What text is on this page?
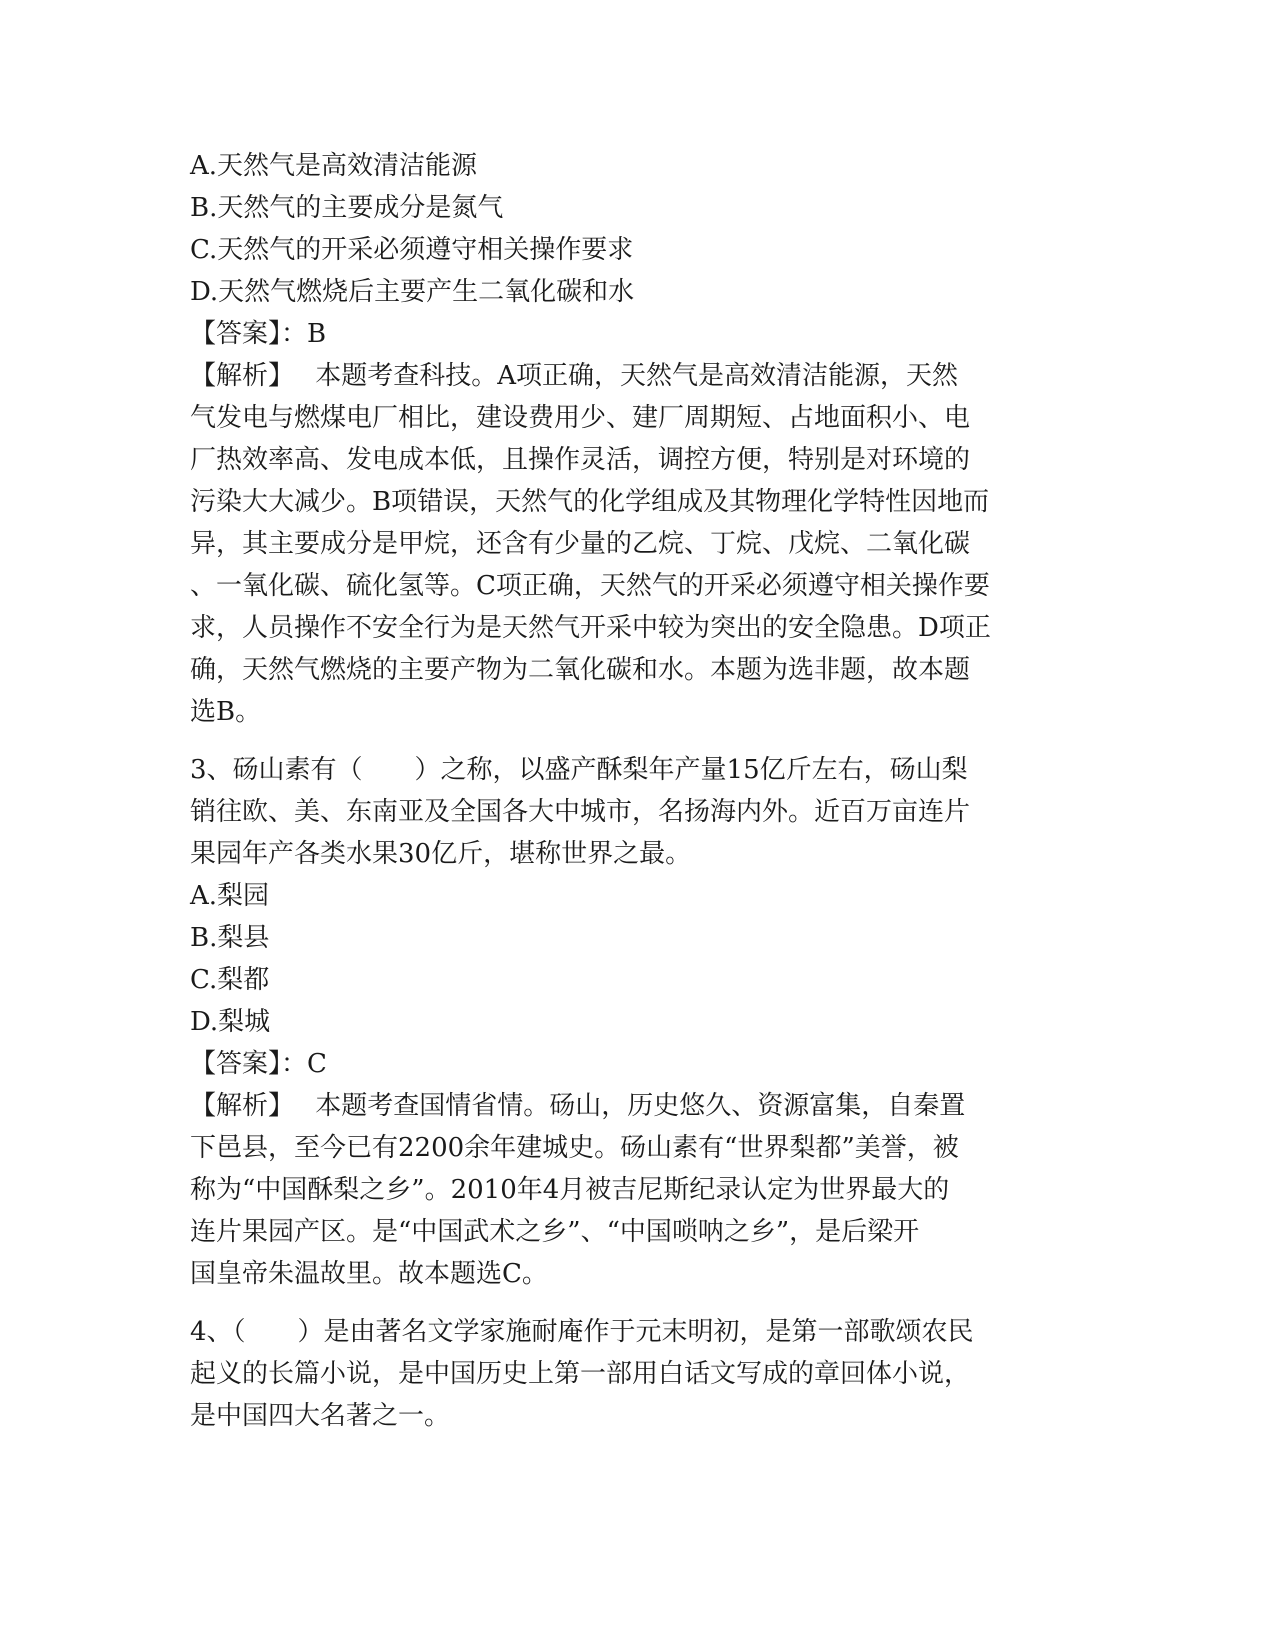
A.天然气是高效清洁能源
B.天然气的主要成分是氮气
C.天然气的开采必须遵守相关操作要求
D.天然气燃烧后主要产生二氧化碳和水
【答案】：B
【解析】　 本题考查科技。A项正确，天然气是高效清洁能源，天然
气发电与燃煤电厂相比，建设费用少、建厂周期短、占地面积小、电
厂热效率高、发电成本低，且操作灵活，调控方便，特别是对环境的
污染大大减少。B项错误，天然气的化学组成及其物理化学特性因地而
异，其主要成分是甲烷，还含有少量的乙烷、丁烷、戊烷、二氧化碳
、一氧化碳、硫化氢等。C项正确，天然气的开采必须遵守相关操作要
求，人员操作不安全行为是天然气开采中较为突出的安全隐患。D项正
确，天然气燃烧的主要产物为二氧化碳和水。本题为选非题，故本题
选B。
3、砀山素有（　　）之称，以盛产酥梨年产量15亿斤左右，砀山梨
销往欧、美、东南亚及全国各大中城市，名扬海内外。近百万亩连片
果园年产各类水果30亿斤，堪称世界之最。
A.梨园
B.梨县
C.梨都
D.梨城
【答案】：C
【解析】　 本题考查国情省情。砀山，历史悠久、资源富集，自秦置
下邑县，至今已有2200余年建城史。砀山素有“世界梨都”美誉，被
称为“中国酥梨之乡”。2010年4月被吉尼斯纪录认定为世界最大的
连片果园产区。是“中国武术之乡”、“中国唢呐之乡”，是后梁开
国皇帝朱温故里。故本题选C。
4、（　　）是由著名文学家施耐庵作于元末明初，是第一部歌颂农民
起义的长篇小说，是中国历史上第一部用白话文写成的章回体小说，
是中国四大名著之一。
